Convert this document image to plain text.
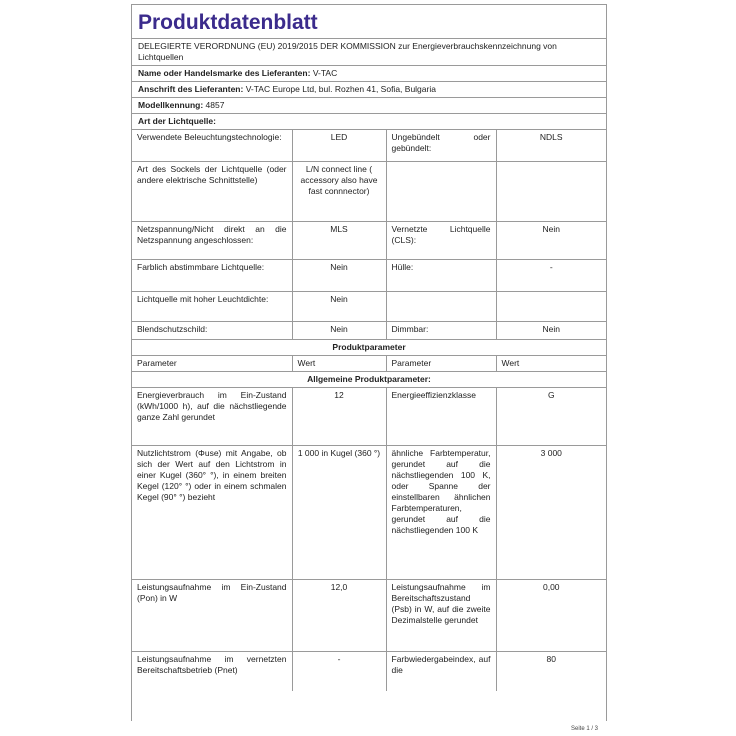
Produktdatenblatt
DELEGIERTE VERORDNUNG (EU) 2019/2015 DER KOMMISSION zur Energieverbrauchskennzeichnung von Lichtquellen
Name oder Handelsmarke des Lieferanten: V-TAC
Anschrift des Lieferanten: V-TAC Europe Ltd, bul. Rozhen 41, Sofia, Bulgaria
Modellkennung: 4857
Art der Lichtquelle:
Verwendete Beleuchtungstechnologie:	LED	Ungebündelt oder gebündelt:	NDLS
Art des Sockels der Lichtquelle (oder andere elektrische Schnittstelle)	L/N connect line ( accessory also have fast connnector)		
Netzspannung/Nicht direkt an die Netzspannung angeschlossen:	MLS	Vernetzte Lichtquelle (CLS):	Nein
Farblich abstimmbare Lichtquelle:	Nein	Hülle:	-
Lichtquelle mit hoher Leuchtdichte:	Nein		
Blendschutzschild:	Nein	Dimmbar:	Nein
Produktparameter			
Parameter	Wert	Parameter	Wert
Allgemeine Produktparameter:			
Energieverbrauch im Ein-Zustand (kWh/1000 h), auf die nächstliegende ganze Zahl gerundet	12	Energieeffizienzklasse	G
Nutzlichtstrom (Φuse) mit Angabe, ob sich der Wert auf den Lichtstrom in einer Kugel (360° °), in einem breiten Kegel (120° °) oder in einem schmalen Kegel (90° °) bezieht	1 000 in Kugel (360 °)	ähnliche Farbtemperatur, gerundet auf die nächstliegenden 100 K, oder Spanne der einstellbaren ähnlichen Farbtemperaturen, gerundet auf die nächstliegenden 100 K	3 000
Leistungsaufnahme im Ein-Zustand (Pon) in W	12,0	Leistungsaufnahme im Bereitschaftszustand (Psb) in W, auf die zweite Dezimalstelle gerundet	0,00
Leistungsaufnahme im vernetzten Bereitschaftsbetrieb (Pnet)	-	Farbwiedergabeindex, auf die	80
Seite 1 / 3
